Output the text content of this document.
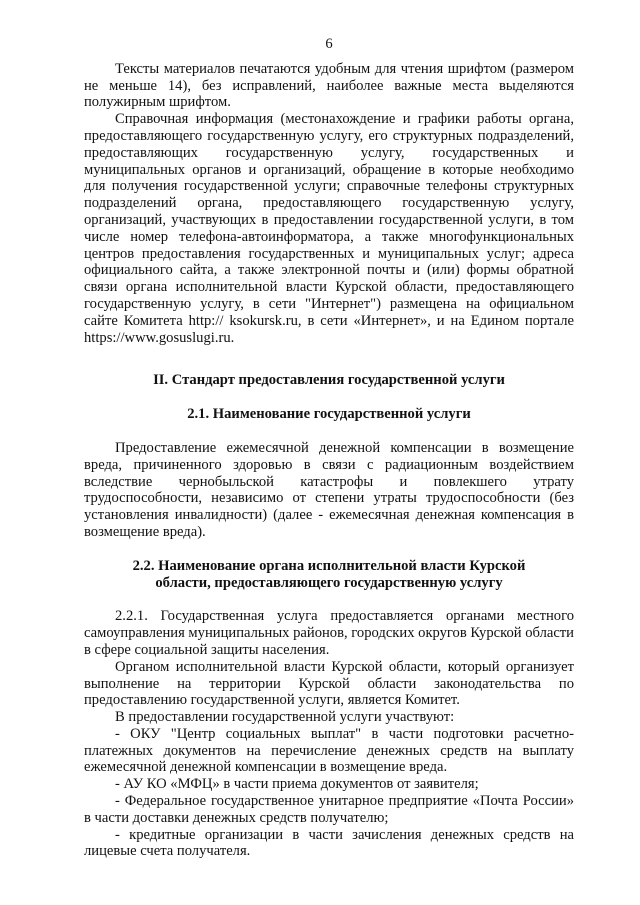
6

Тексты материалов печатаются удобным для чтения шрифтом (размером не меньше 14), без исправлений, наиболее важные места выделяются полужирным шрифтом.

Справочная информация (местонахождение и графики работы органа, предоставляющего государственную услугу, его структурных подразделений, предоставляющих государственную услугу, государственных и муниципальных органов и организаций, обращение в которые необходимо для получения государственной услуги; справочные телефоны структурных подразделений органа, предоставляющего государственную услугу, организаций, участвующих в предоставлении государственной услуги, в том числе номер телефона-автоинформатора, а также многофункциональных центров предоставления государственных и муниципальных услуг; адреса официального сайта, а также электронной почты и (или) формы обратной связи органа исполнительной власти Курской области, предоставляющего государственную услугу, в сети "Интернет") размещена на официальном сайте Комитета http:// ksokursk.ru, в сети «Интернет», и на Едином портале https://www.gosuslugi.ru.

II. Стандарт предоставления государственной услуги
2.1. Наименование государственной услуги

Предоставление ежемесячной денежной компенсации в возмещение вреда, причиненного здоровью в связи с радиационным воздействием вследствие чернобыльской катастрофы и повлекшего утрату трудоспособности, независимо от степени утраты трудоспособности (без установления инвалидности) (далее - ежемесячная денежная компенсация в возмещение вреда).

2.2. Наименование органа исполнительной власти Курской области, предоставляющего государственную услугу

2.2.1. Государственная услуга предоставляется органами местного самоуправления муниципальных районов, городских округов Курской области в сфере социальной защиты населения.

Органом исполнительной власти Курской области, который организует выполнение на территории Курской области законодательства по предоставлению государственной услуги, является Комитет.

В предоставлении государственной услуги участвуют:

- ОКУ "Центр социальных выплат" в части подготовки расчетно-платежных документов на перечисление денежных средств на выплату ежемесячной денежной компенсации в возмещение вреда.

- АУ КО «МФЦ» в части приема документов от заявителя;

- Федеральное государственное унитарное предприятие «Почта России» в части доставки денежных средств получателю;

- кредитные организации в части зачисления денежных средств на лицевые счета получателя.
